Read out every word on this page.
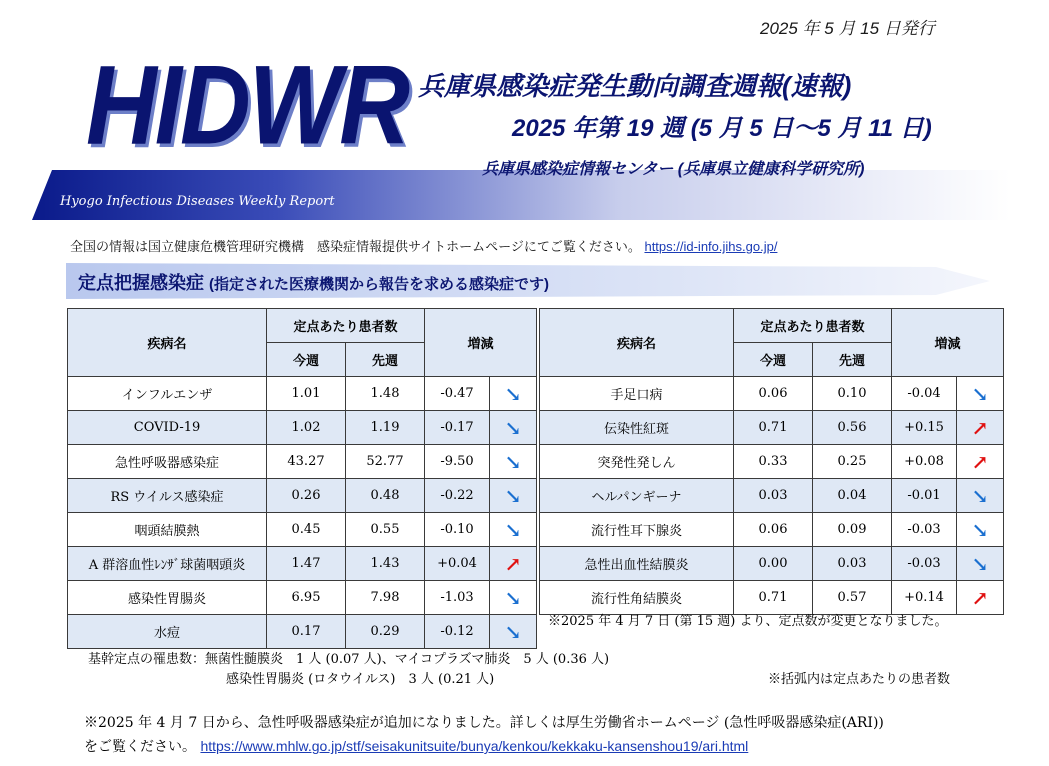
2025 年 5 月 15 日発行
HIDWR
Hyogo Infectious Diseases Weekly Report
兵庫県感染症発生動向調査週報(速報)
2025 年第 19 週 (5 月 5 日～5 月 11 日)
兵庫県感染症情報センター (兵庫県立健康科学研究所)
全国の情報は国立健康危機管理研究機構　感染症情報提供サイトホームページにてご覧ください。 https://id-info.jihs.go.jp/
定点把握感染症 (指定された医療機関から報告を求める感染症です)
疾病名	定点あたり患者数		増減	
	今週	先週		
インフルエンザ	1.01	1.48	-0.47	↘
COVID-19	1.02	1.19	-0.17	↘
急性呼吸器感染症	43.27	52.77	-9.50	↘
RS ウイルス感染症	0.26	0.48	-0.22	↘
咽頭結膜熱	0.45	0.55	-0.10	↘
A 群溶血性ﾚﾝｻﾞ球菌咽頭炎	1.47	1.43	+0.04	↗
感染性胃腸炎	6.95	7.98	-1.03	↘
水痘	0.17	0.29	-0.12	↘
疾病名	定点あたり患者数		増減	
	今週	先週		
手足口病	0.06	0.10	-0.04	↘
伝染性紅斑	0.71	0.56	+0.15	↗
突発性発しん	0.33	0.25	+0.08	↗
ヘルパンギーナ	0.03	0.04	-0.01	↘
流行性耳下腺炎	0.06	0.09	-0.03	↘
急性出血性結膜炎	0.00	0.03	-0.03	↘
流行性角結膜炎	0.71	0.57	+0.14	↗
※2025 年 4 月 7 日 (第 15 週) より、定点数が変更となりました。
基幹定点の罹患数：無菌性髄膜炎　1 人 (0.07 人)、マイコプラズマ肺炎　5 人 (0.36 人)
感染性胃腸炎 (ロタウイルス)　3 人 (0.21 人)	※括弧内は定点あたりの患者数
※2025 年 4 月 7 日から、急性呼吸器感染症が追加になりました。詳しくは厚生労働省ホームページ (急性呼吸器感染症(ARI))
をご覧ください。 https://www.mhlw.go.jp/stf/seisakunitsuite/bunya/kenkou/kekkaku-kansenshou19/ari.html
